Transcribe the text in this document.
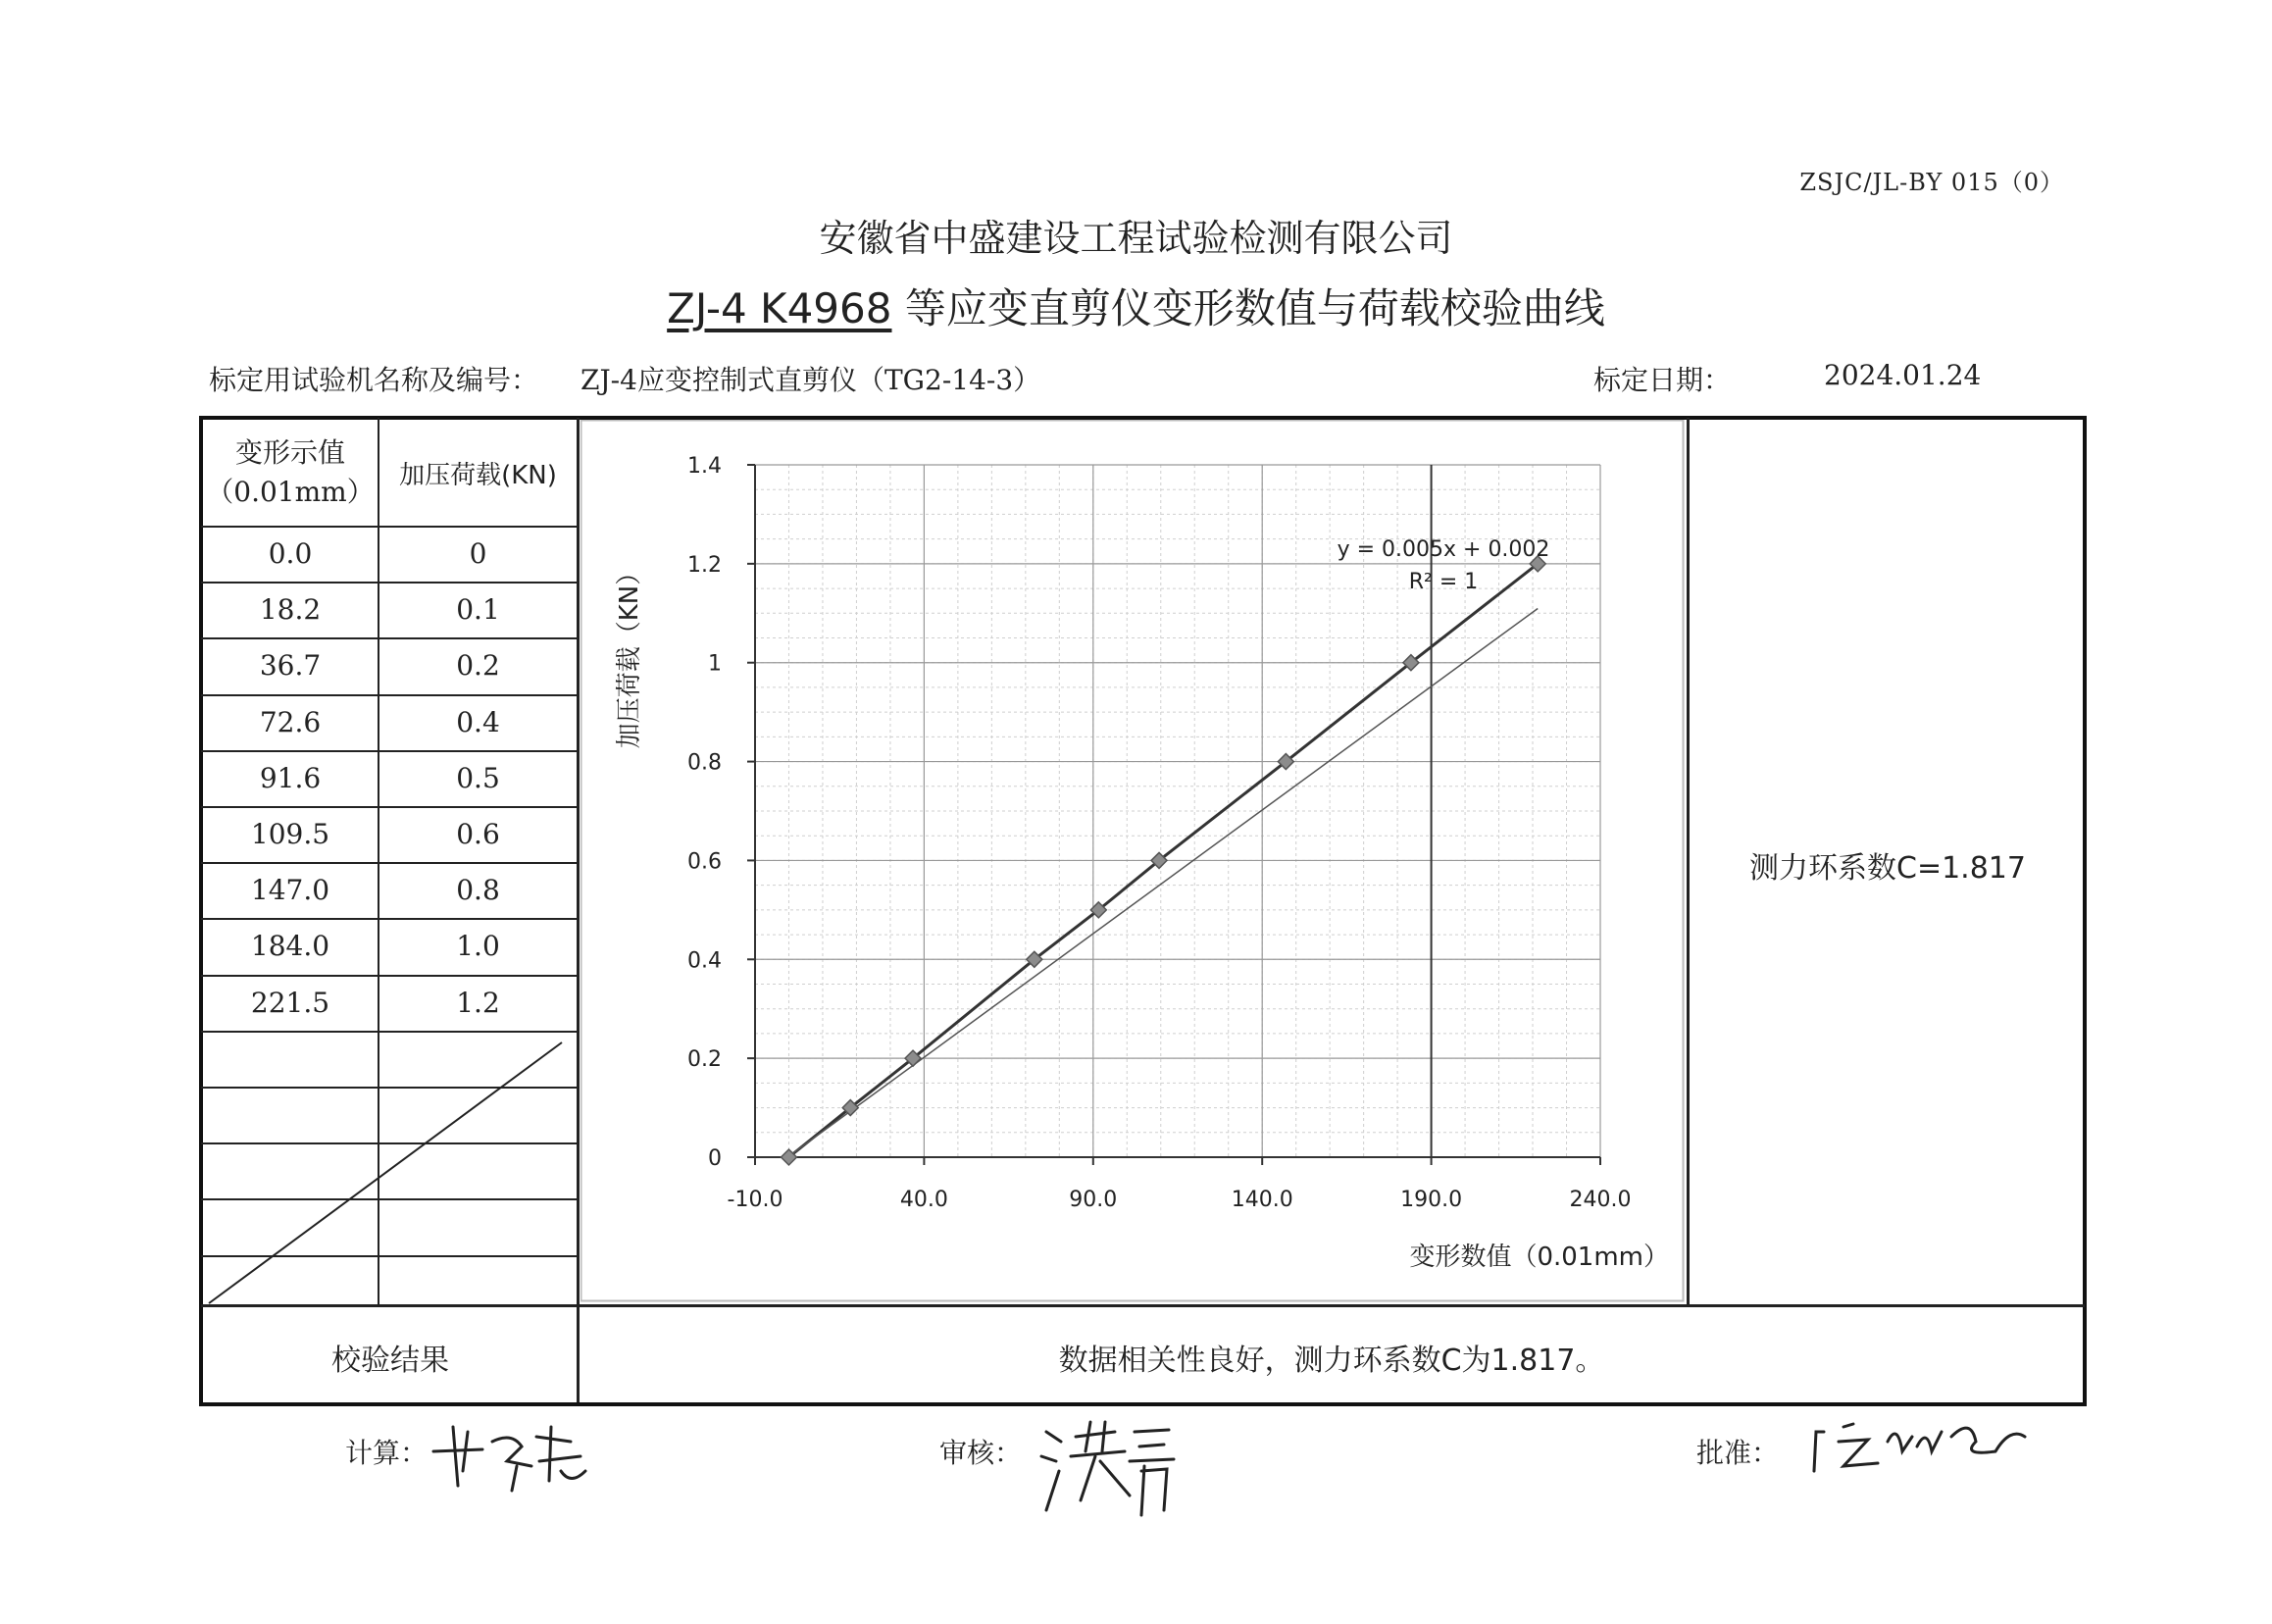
ZSJC/JL-BY 015（0）
安徽省中盛建设工程试验检测有限公司
ZJ-4 K4968 等应变直剪仪变形数值与荷载校验曲线
标定用试验机名称及编号： ZJ-4应变控制式直剪仪（TG2-14-3）	标定日期：	2024.01.24
变形示值
（0.01mm）
加压荷载(KN)
0.0	0
18.2	0.1
36.7	0.2
72.6	0.4
91.6	0.5
109.5	0.6
147.0	0.8
184.0	1.0
221.5	1.2
-10.0	40.0	90.0	140.0	190.0	240.0
0
0.2
0.4
0.6
0.8
1
1.2
1.4
变形数值（0.01mm）
加压荷载（KN）
y = 0.005x + 0.002
R² = 1
测力环系数C=1.817
校验结果	数据相关性良好，测力环系数C为1.817。
计算：	审核：	批准：
